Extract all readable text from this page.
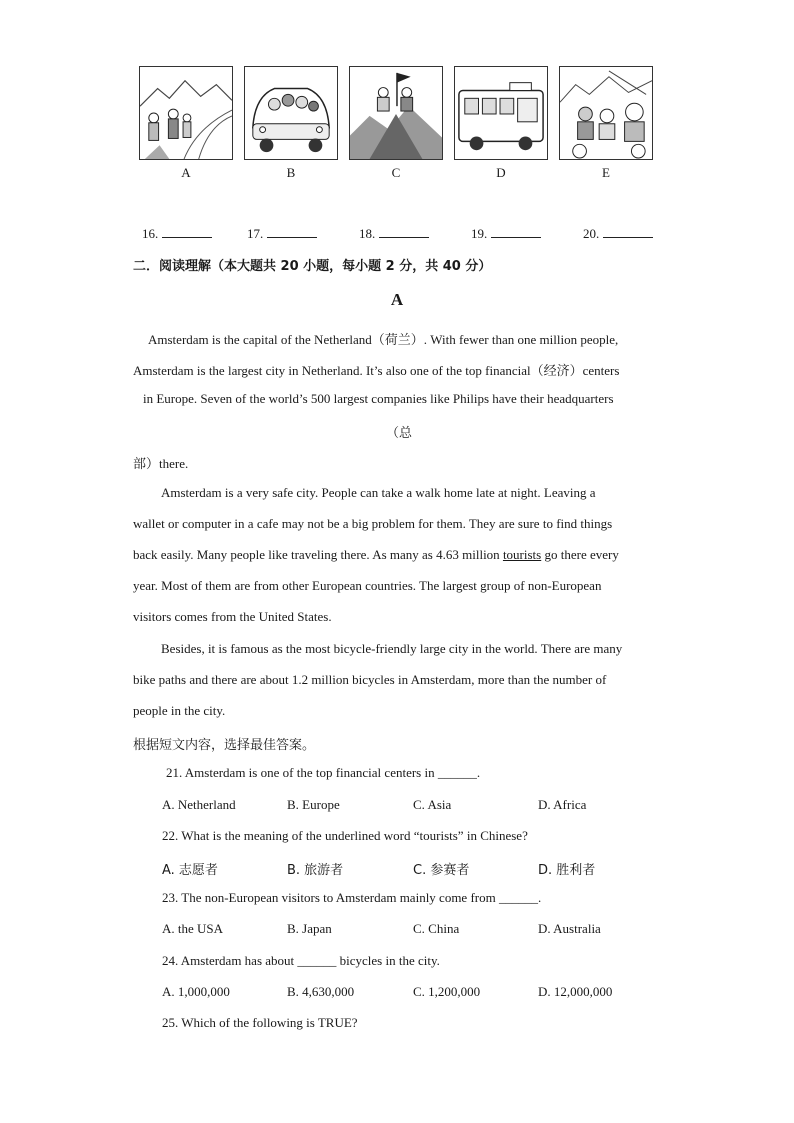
A	B	C	D	E
16.	17.	18.	19.	20.
二．阅读理解（本大题共 20 小题，每小题 2 分，共 40 分）
A
Amsterdam is the capital of the Netherland（荷兰）. With fewer than one million people,
Amsterdam is the largest city in Netherland. It’s also one of the top financial（经济）centers
in Europe. Seven of the world’s 500 largest companies like Philips have their headquarters
（总
部）there.
Amsterdam is a very safe city. People can take a walk home late at night. Leaving a
wallet or computer in a cafe may not be a big problem for them. They are sure to find things
back easily. Many people like traveling there. As many as 4.63 million tourists go there every
year. Most of them are from other European countries. The largest group of non-European
visitors comes from the United States.
Besides, it is famous as the most bicycle-friendly large city in the world. There are many
bike paths and there are about 1.2 million bicycles in Amsterdam, more than the number of
people in the city.
根据短文内容，选择最佳答案。
21. Amsterdam is one of the top financial centers in ______.
A. Netherland	B. Europe	C. Asia	D. Africa
22. What is the meaning of the underlined word “tourists” in Chinese?
A. 志愿者	B. 旅游者	C. 参赛者	D. 胜利者
23. The non-European visitors to Amsterdam mainly come from ______.
A. the USA	B. Japan	C. China	D. Australia
24. Amsterdam has about ______ bicycles in the city.
A. 1,000,000	B. 4,630,000	C. 1,200,000	D. 12,000,000
25. Which of the following is TRUE?
